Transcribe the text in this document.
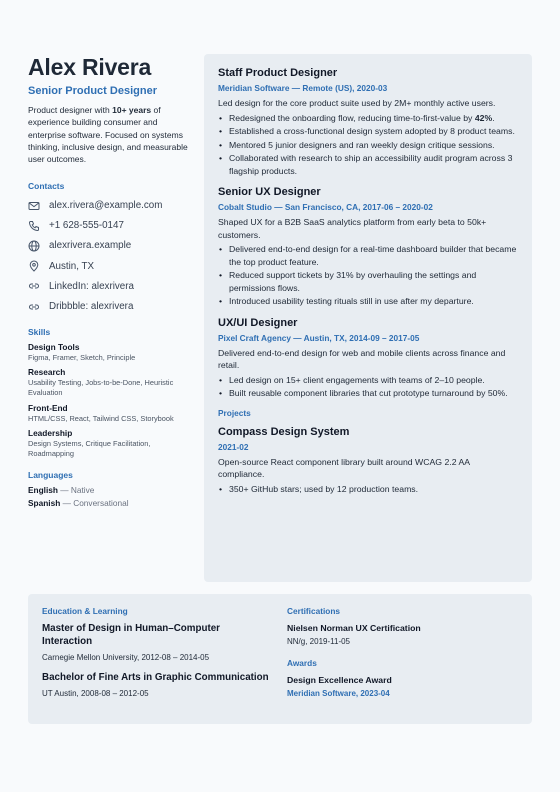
Alex Rivera
Senior Product Designer
Product designer with 10+ years of experience building consumer and enterprise software. Focused on systems thinking, inclusive design, and measurable user outcomes.
Contacts
alex.rivera@example.com
+1 628-555-0147
alexrivera.example
Austin, TX
LinkedIn: alexrivera
Dribbble: alexrivera
Skills
Design Tools
Figma, Framer, Sketch, Principle
Research
Usability Testing, Jobs-to-be-Done, Heuristic Evaluation
Front-End
HTML/CSS, React, Tailwind CSS, Storybook
Leadership
Design Systems, Critique Facilitation, Roadmapping
Languages
English — Native
Spanish — Conversational
Staff Product Designer
Meridian Software — Remote (US), 2020-03
Led design for the core product suite used by 2M+ monthly active users.
• Redesigned the onboarding flow, reducing time-to-first-value by 42%.
• Established a cross-functional design system adopted by 8 product teams.
• Mentored 5 junior designers and ran weekly design critique sessions.
• Collaborated with research to ship an accessibility audit program across 3 flagship products.
Senior UX Designer
Cobalt Studio — San Francisco, CA, 2017-06 – 2020-02
Shaped UX for a B2B SaaS analytics platform from early beta to 50k+ customers.
• Delivered end-to-end design for a real-time dashboard builder that became the top product feature.
• Reduced support tickets by 31% by overhauling the settings and permissions flows.
• Introduced usability testing rituals still in use after my departure.
UX/UI Designer
Pixel Craft Agency — Austin, TX, 2014-09 – 2017-05
Delivered end-to-end design for web and mobile clients across finance and retail.
• Led design on 15+ client engagements with teams of 2–10 people.
• Built reusable component libraries that cut prototype turnaround by 50%.
Projects
Compass Design System
2021-02
Open-source React component library built around WCAG 2.2 AA compliance.
• 350+ GitHub stars; used by 12 production teams.
Education & Learning
Master of Design in Human–Computer Interaction
Carnegie Mellon University, 2012-08 – 2014-05
Bachelor of Fine Arts in Graphic Communication
UT Austin, 2008-08 – 2012-05
Certifications
Nielsen Norman UX Certification
NN/g, 2019-11-05
Awards
Design Excellence Award
Meridian Software, 2023-04
